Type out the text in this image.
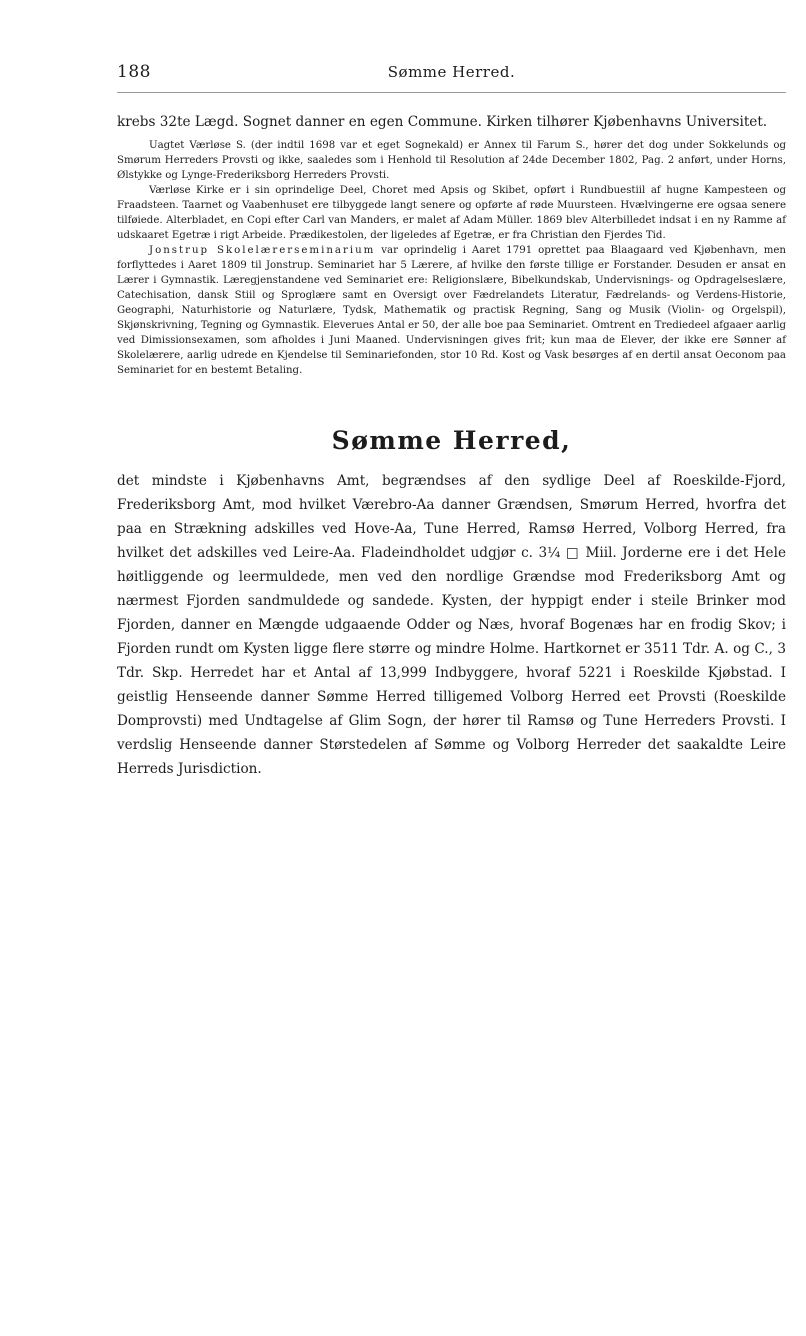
188	Sømme Herred.

krebs 32te Lægd. Sognet danner en egen Commune. Kirken tilhører Kjøbenhavns Universitet.

Uagtet Værløse S. (der indtil 1698 var et eget Sognekald) er Annex til Farum S., hører det dog under Sokkelunds og Smørum Herreders Provsti og ikke, saaledes som i Henhold til Resolution af 24de December 1802, Pag. 2 anført, under Horns, Ølstykke og Lynge-Frederiksborg Herreders Provsti.

Værløse Kirke er i sin oprindelige Deel, Choret med Apsis og Skibet, opført i Rundbuestiil af hugne Kampesteen og Fraadsteen. Taarnet og Vaabenhuset ere tilbyggede langt senere og opførte af røde Muursteen. Hvælvingerne ere ogsaa senere tilføiede. Alterbladet, en Copi efter Carl van Manders, er malet af Adam Müller. 1869 blev Alterbilledet indsat i en ny Ramme af udskaaret Egetræ i rigt Arbeide. Prædikestolen, der ligeledes af Egetræ, er fra Christian den Fjerdes Tid.

Jonstrup Skolelærerseminarium var oprindelig i Aaret 1791 oprettet paa Blaagaard ved Kjøbenhavn, men forflyttedes i Aaret 1809 til Jonstrup. Seminariet har 5 Lærere, af hvilke den første tillige er Forstander. Desuden er ansat en Lærer i Gymnastik. Læregjenstandene ved Seminariet ere: Religionslære, Bibelkundskab, Undervisnings- og Opdragelseslære, Catechisation, dansk Stiil og Sproglære samt en Oversigt over Fædrelandets Literatur, Fædrelands- og Verdens-Historie, Geographi, Naturhistorie og Naturlære, Tydsk, Mathematik og practisk Regning, Sang og Musik (Violin- og Orgelspil), Skjønskrivning, Tegning og Gymnastik. Eleverues Antal er 50, der alle boe paa Seminariet. Omtrent en Trediedeel afgaaer aarlig ved Dimissionsexamen, som afholdes i Juni Maaned. Undervisningen gives frit; kun maa de Elever, der ikke ere Sønner af Skolelærere, aarlig udrede en Kjendelse til Seminariefonden, stor 10 Rd. Kost og Vask besørges af en dertil ansat Oeconom paa Seminariet for en bestemt Betaling.

Sømme Herred,

det mindste i Kjøbenhavns Amt, begrændses af den sydlige Deel af Roeskilde-Fjord, Frederiksborg Amt, mod hvilket Værebro-Aa danner Grændsen, Smørum Herred, hvorfra det paa en Strækning adskilles ved Hove-Aa, Tune Herred, Ramsø Herred, Volborg Herred, fra hvilket det adskilles ved Leire-Aa. Fladeindholdet udgjør c. 3¼ □ Miil. Jorderne ere i det Hele høitliggende og leermuldede, men ved den nordlige Grændse mod Frederiksborg Amt og nærmest Fjorden sandmuldede og sandede. Kysten, der hyppigt ender i steile Brinker mod Fjorden, danner en Mængde udgaaende Odder og Næs, hvoraf Bogenæs har en frodig Skov; i Fjorden rundt om Kysten ligge flere større og mindre Holme. Hartkornet er 3511 Tdr. A. og C., 3 Tdr. Skp. Herredet har et Antal af 13,999 Indbyggere, hvoraf 5221 i Roeskilde Kjøbstad. I geistlig Henseende danner Sømme Herred tilligemed Volborg Herred eet Provsti (Roeskilde Domprovsti) med Undtagelse af Glim Sogn, der hører til Ramsø og Tune Herreders Provsti. I verdslig Henseende danner Størstedelen af Sømme og Volborg Herreder det saakaldte Leire Herreds Jurisdiction.
